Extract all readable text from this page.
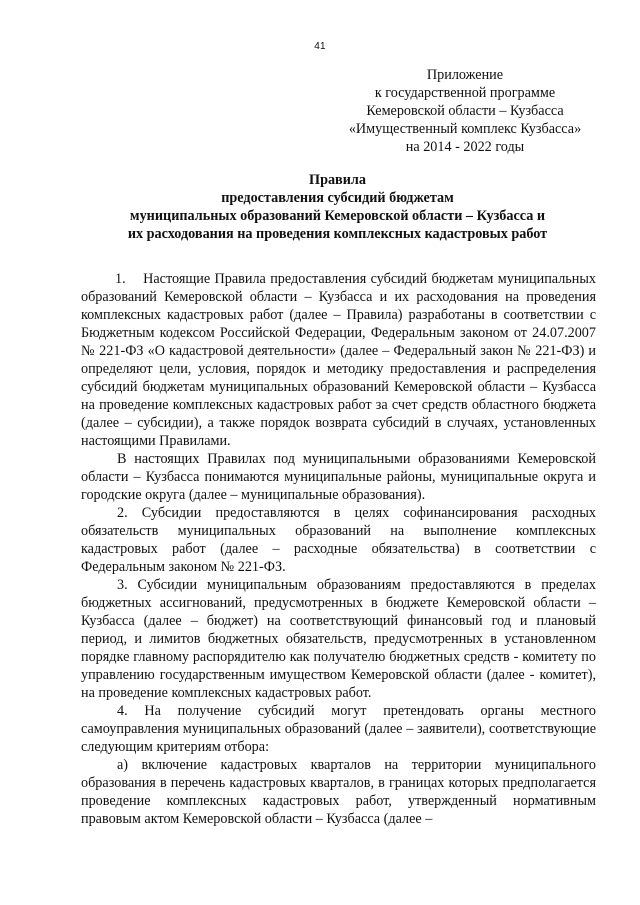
41
Приложение
к государственной программе
Кемеровской области – Кузбасса
«Имущественный комплекс Кузбасса»
на 2014 - 2022 годы
Правила
предоставления субсидий бюджетам
муниципальных образований Кемеровской области – Кузбасса и
их расходования на проведения комплексных кадастровых работ

1.    Настоящие Правила предоставления субсидий бюджетам муниципальных образований Кемеровской области – Кузбасса и их расходования на проведения комплексных кадастровых работ (далее – Правила) разработаны в соответствии с Бюджетным кодексом Российской Федерации, Федеральным законом от 24.07.2007 № 221-ФЗ «О кадастровой деятельности» (далее – Федеральный закон № 221-ФЗ) и определяют цели, условия, порядок и методику предоставления и распределения субсидий бюджетам муниципальных образований Кемеровской области – Кузбасса на проведение комплексных кадастровых работ за счет средств областного бюджета (далее – субсидии), а также порядок возврата субсидий в случаях, установленных настоящими Правилами.

В настоящих Правилах под муниципальными образованиями Кемеровской области – Кузбасса понимаются муниципальные районы, муниципальные округа и городские округа (далее – муниципальные образования).

2. Субсидии предоставляются в целях софинансирования расходных обязательств муниципальных образований на выполнение комплексных кадастровых работ (далее – расходные обязательства) в соответствии с Федеральным законом № 221-ФЗ.

3. Субсидии муниципальным образованиям предоставляются в пределах бюджетных ассигнований, предусмотренных в бюджете Кемеровской области – Кузбасса (далее – бюджет) на соответствующий финансовый год и плановый период, и лимитов бюджетных обязательств, предусмотренных в установленном порядке главному распорядителю как получателю бюджетных средств - комитету по управлению государственным имуществом Кемеровской области (далее - комитет), на проведение комплексных кадастровых работ.

4. На получение субсидий могут претендовать органы местного самоуправления муниципальных образований (далее – заявители), соответствующие следующим критериям отбора:

а) включение кадастровых кварталов на территории муниципального образования в перечень кадастровых кварталов, в границах которых предполагается проведение комплексных кадастровых работ, утвержденный нормативным правовым актом Кемеровской области – Кузбасса (далее –
